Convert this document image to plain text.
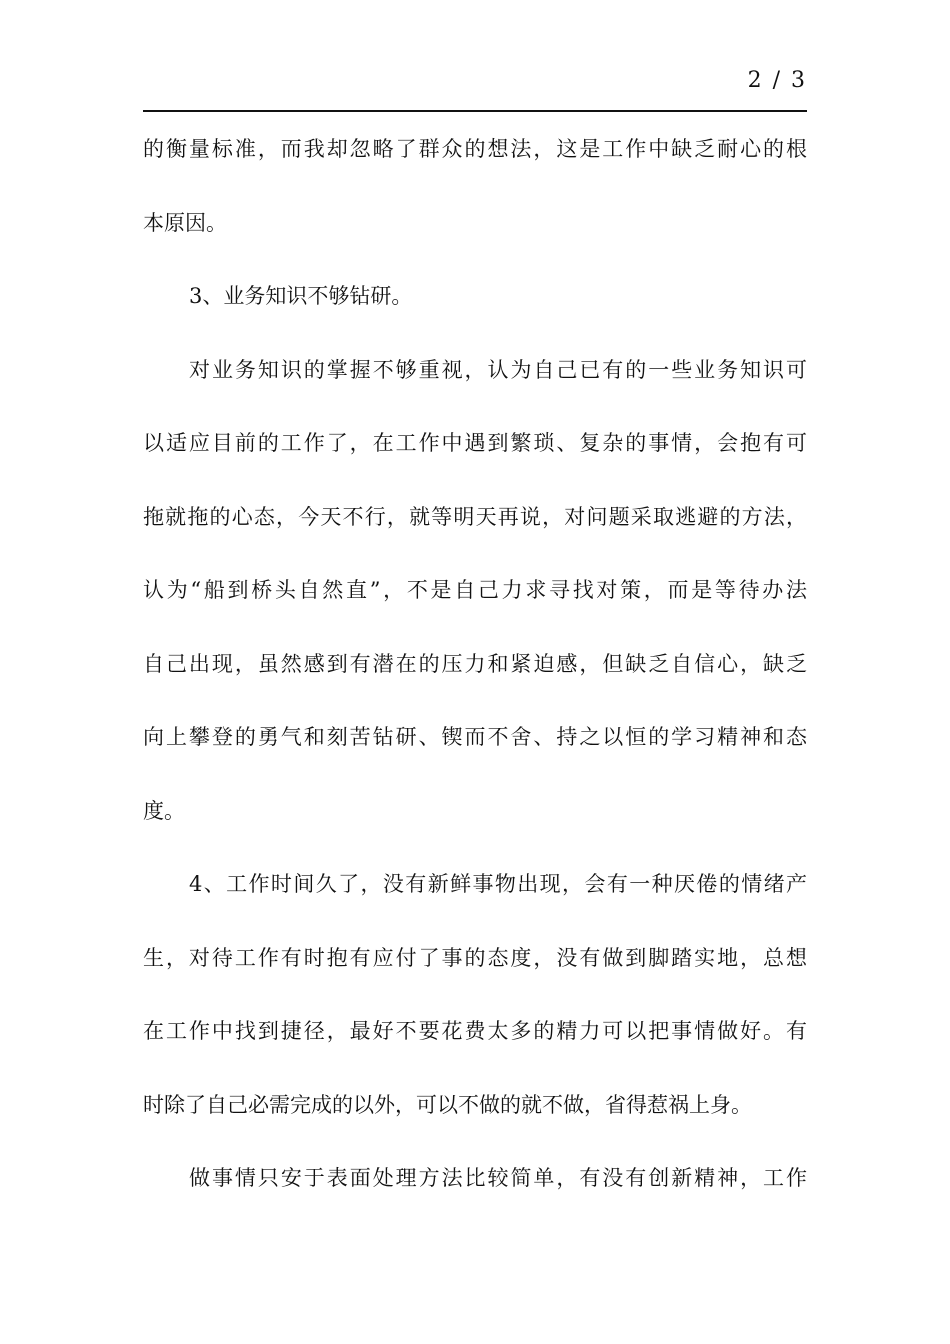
2 / 3
的衡量标准，而我却忽略了群众的想法，这是工作中缺乏耐心的根
本原因。
3、业务知识不够钻研。
对业务知识的掌握不够重视，认为自己已有的一些业务知识可
以适应目前的工作了，在工作中遇到繁琐、复杂的事情，会抱有可
拖就拖的心态，今天不行，就等明天再说，对问题采取逃避的方法，
认为“船到桥头自然直”，不是自己力求寻找对策，而是等待办法
自己出现，虽然感到有潜在的压力和紧迫感，但缺乏自信心，缺乏
向上攀登的勇气和刻苦钻研、锲而不舍、持之以恒的学习精神和态
度。
4、工作时间久了，没有新鲜事物出现，会有一种厌倦的情绪产
生，对待工作有时抱有应付了事的态度，没有做到脚踏实地，总想
在工作中找到捷径，最好不要花费太多的精力可以把事情做好。有
时除了自己必需完成的以外，可以不做的就不做，省得惹祸上身。
做事情只安于表面处理方法比较简单，有没有创新精神，工作
